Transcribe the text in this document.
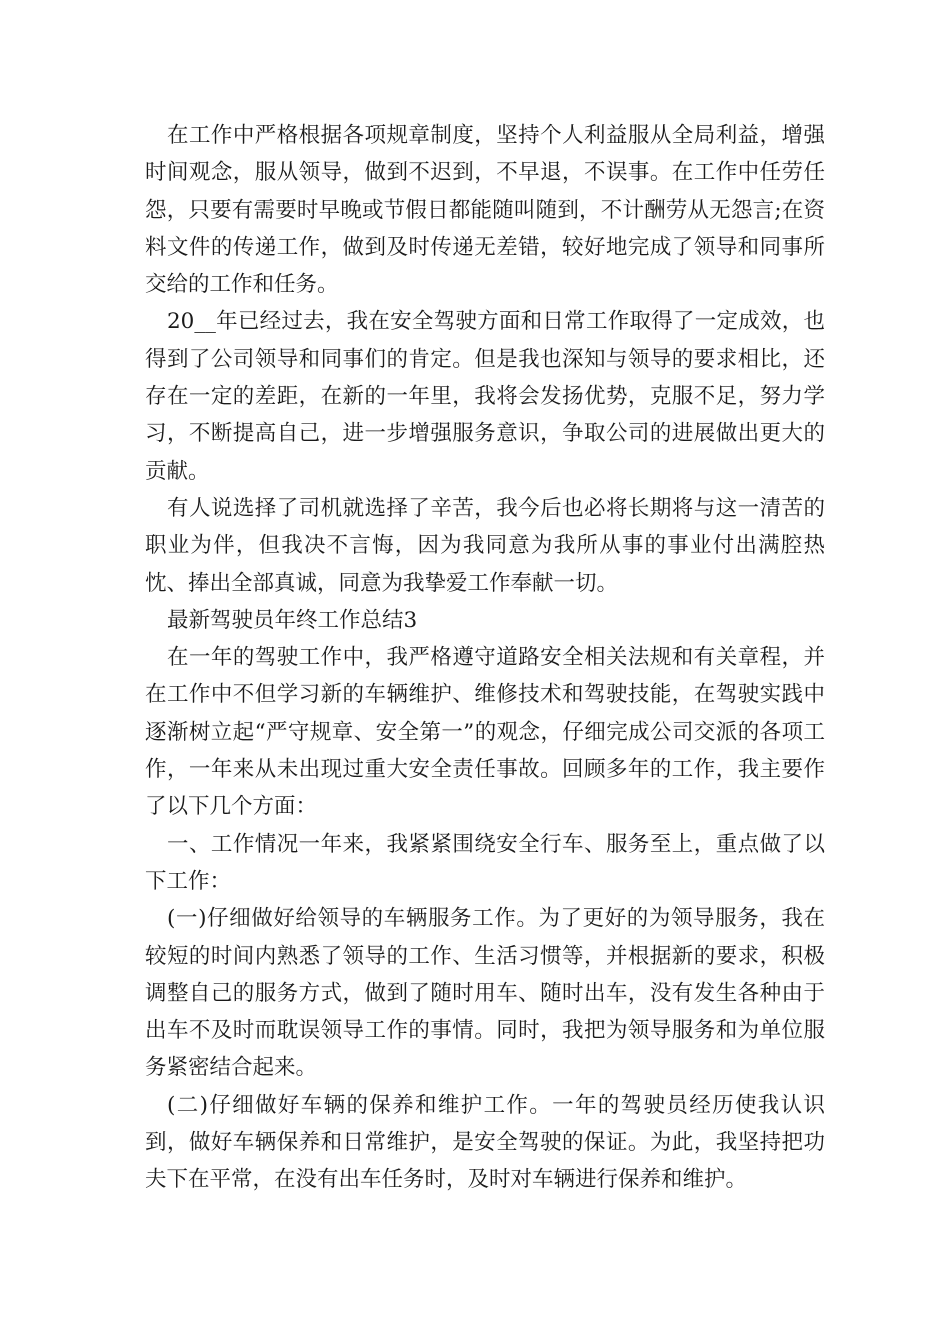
在工作中严格根据各项规章制度，坚持个人利益服从全局利益，增强时间观念，服从领导，做到不迟到，不早退，不误事。在工作中任劳任怨，只要有需要时早晚或节假日都能随叫随到，不计酬劳从无怨言;在资料文件的传递工作，做到及时传递无差错，较好地完成了领导和同事所交给的工作和任务。

20__年已经过去，我在安全驾驶方面和日常工作取得了一定成效，也得到了公司领导和同事们的肯定。但是我也深知与领导的要求相比，还存在一定的差距，在新的一年里，我将会发扬优势，克服不足，努力学习，不断提高自己，进一步增强服务意识，争取公司的进展做出更大的贡献。

有人说选择了司机就选择了辛苦，我今后也必将长期将与这一清苦的职业为伴，但我决不言悔，因为我同意为我所从事的事业付出满腔热忱、捧出全部真诚，同意为我挚爱工作奉献一切。

最新驾驶员年终工作总结3

在一年的驾驶工作中，我严格遵守道路安全相关法规和有关章程，并在工作中不但学习新的车辆维护、维修技术和驾驶技能，在驾驶实践中逐渐树立起“严守规章、安全第一”的观念，仔细完成公司交派的各项工作，一年来从未出现过重大安全责任事故。回顾多年的工作，我主要作了以下几个方面：

一、工作情况一年来，我紧紧围绕安全行车、服务至上，重点做了以下工作：

(一)仔细做好给领导的车辆服务工作。为了更好的为领导服务，我在较短的时间内熟悉了领导的工作、生活习惯等，并根据新的要求，积极调整自己的服务方式，做到了随时用车、随时出车，没有发生各种由于出车不及时而耽误领导工作的事情。同时，我把为领导服务和为单位服务紧密结合起来。

(二)仔细做好车辆的保养和维护工作。一年的驾驶员经历使我认识到，做好车辆保养和日常维护，是安全驾驶的保证。为此，我坚持把功夫下在平常，在没有出车任务时，及时对车辆进行保养和维护。
